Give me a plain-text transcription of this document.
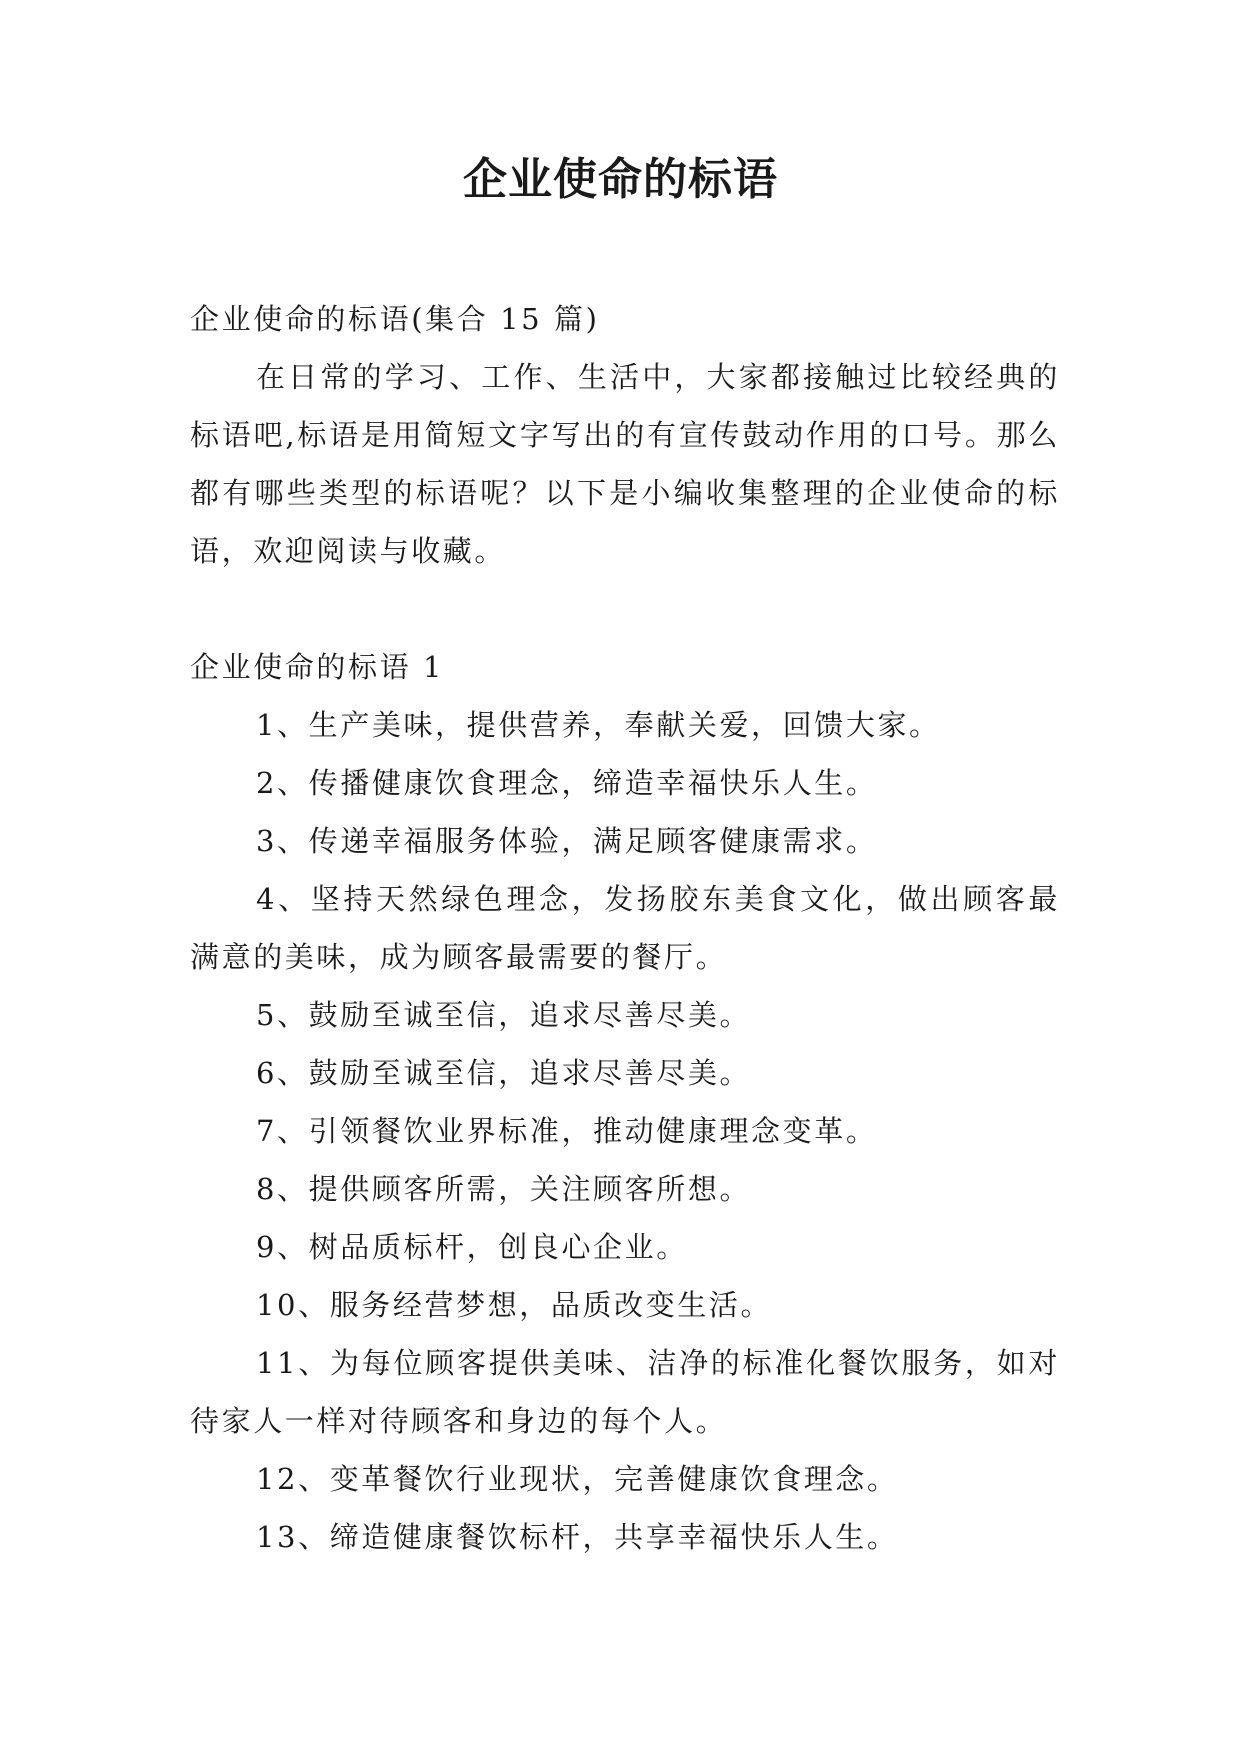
企业使命的标语

企业使命的标语(集合 15 篇)

在日常的学习、工作、生活中，大家都接触过比较经典的标语吧,标语是用简短文字写出的有宣传鼓动作用的口号。那么都有哪些类型的标语呢？以下是小编收集整理的企业使命的标语，欢迎阅读与收藏。

企业使命的标语 1

1、生产美味，提供营养，奉献关爱，回馈大家。

2、传播健康饮食理念，缔造幸福快乐人生。

3、传递幸福服务体验，满足顾客健康需求。

4、坚持天然绿色理念，发扬胶东美食文化，做出顾客最满意的美味，成为顾客最需要的餐厅。

5、鼓励至诚至信，追求尽善尽美。

6、鼓励至诚至信，追求尽善尽美。

7、引领餐饮业界标准，推动健康理念变革。

8、提供顾客所需，关注顾客所想。

9、树品质标杆，创良心企业。

10、服务经营梦想，品质改变生活。

11、为每位顾客提供美味、洁净的标准化餐饮服务，如对待家人一样对待顾客和身边的每个人。

12、变革餐饮行业现状，完善健康饮食理念。

13、缔造健康餐饮标杆，共享幸福快乐人生。
